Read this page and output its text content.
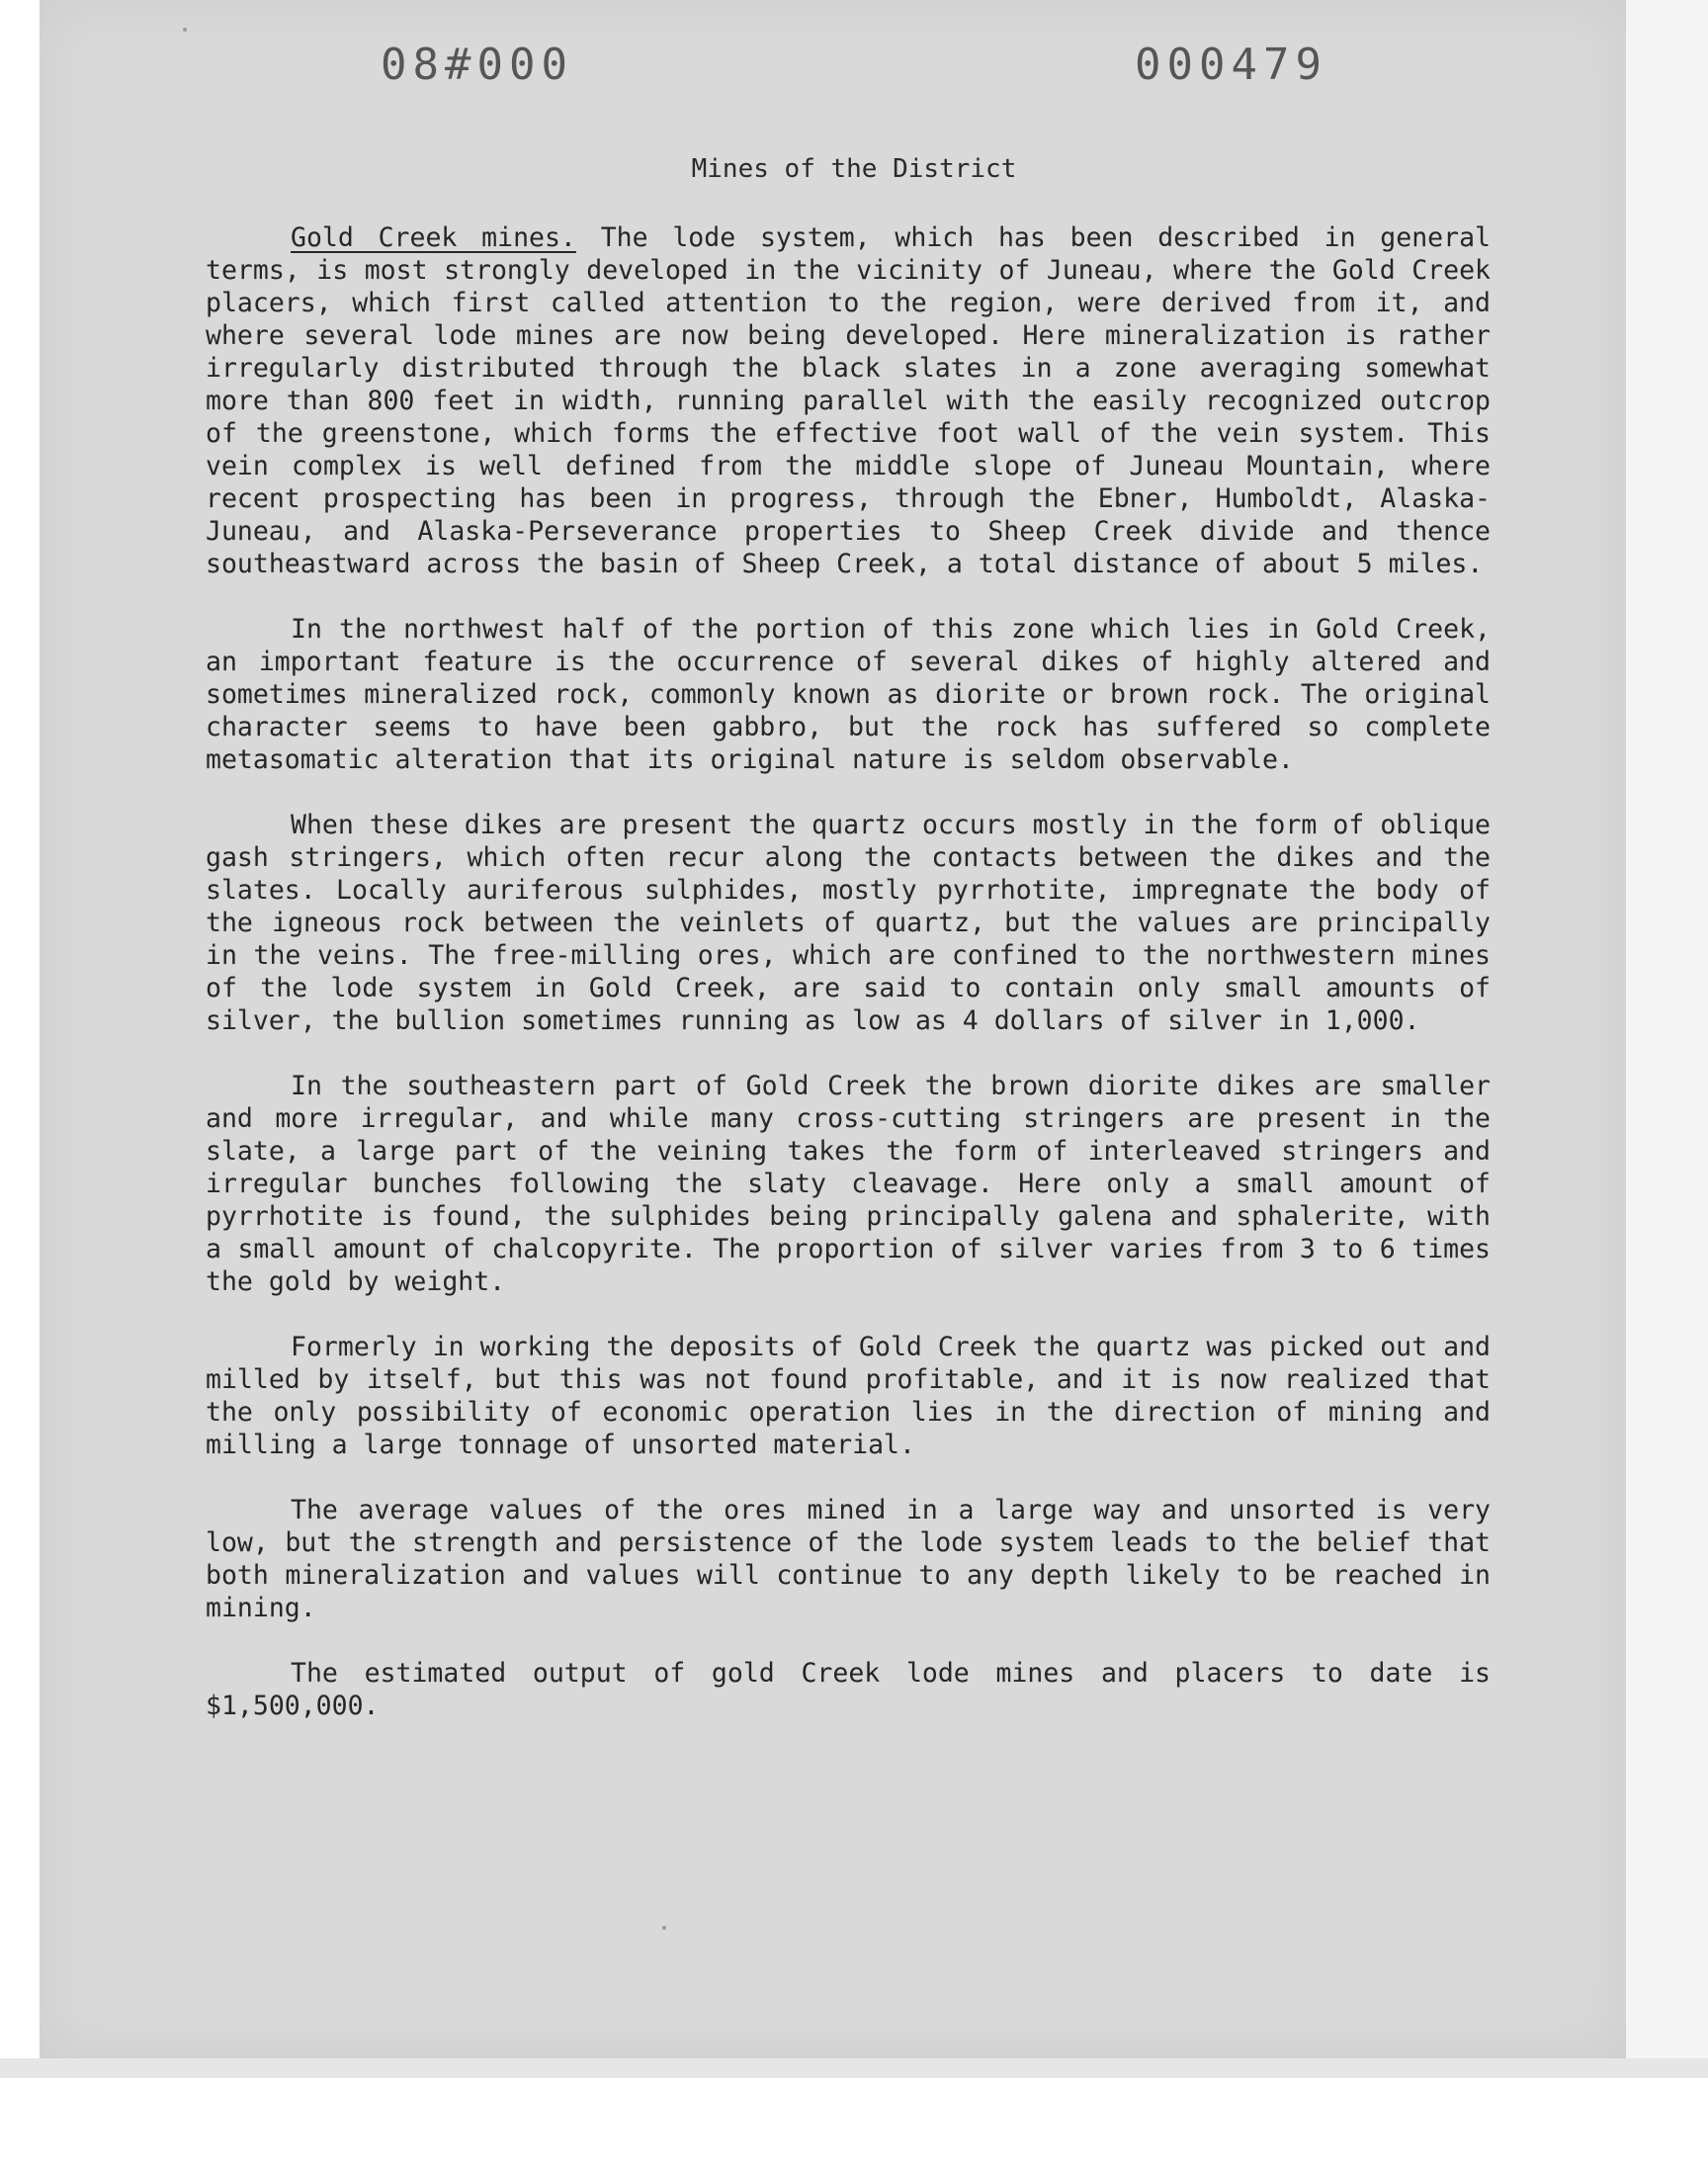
08#000	000479
Mines of the District

Gold Creek mines. The lode system, which has been described in general terms, is most strongly developed in the vicinity of Juneau, where the Gold Creek placers, which first called attention to the region, were derived from it, and where several lode mines are now being developed. Here mineralization is rather irregularly distributed through the black slates in a zone averaging somewhat more than 800 feet in width, running parallel with the easily recognized outcrop of the greenstone, which forms the effective foot wall of the vein system. This vein complex is well defined from the middle slope of Juneau Mountain, where recent prospecting has been in progress, through the Ebner, Humboldt, Alaska-Juneau, and Alaska-Perseverance properties to Sheep Creek divide and thence southeastward across the basin of Sheep Creek, a total distance of about 5 miles.

In the northwest half of the portion of this zone which lies in Gold Creek, an important feature is the occurrence of several dikes of highly altered and sometimes mineralized rock, commonly known as diorite or brown rock. The original character seems to have been gabbro, but the rock has suffered so complete metasomatic alteration that its original nature is seldom observable.

When these dikes are present the quartz occurs mostly in the form of oblique gash stringers, which often recur along the contacts between the dikes and the slates. Locally auriferous sulphides, mostly pyrrhotite, impregnate the body of the igneous rock between the veinlets of quartz, but the values are principally in the veins. The free-milling ores, which are confined to the northwestern mines of the lode system in Gold Creek, are said to contain only small amounts of silver, the bullion sometimes running as low as 4 dollars of silver in 1,000.

In the southeastern part of Gold Creek the brown diorite dikes are smaller and more irregular, and while many cross-cutting stringers are present in the slate, a large part of the veining takes the form of interleaved stringers and irregular bunches following the slaty cleavage. Here only a small amount of pyrrhotite is found, the sulphides being principally galena and sphalerite, with a small amount of chalcopyrite. The proportion of silver varies from 3 to 6 times the gold by weight.

Formerly in working the deposits of Gold Creek the quartz was picked out and milled by itself, but this was not found profitable, and it is now realized that the only possibility of economic operation lies in the direction of mining and milling a large tonnage of unsorted material.

The average values of the ores mined in a large way and unsorted is very low, but the strength and persistence of the lode system leads to the belief that both mineralization and values will continue to any depth likely to be reached in mining.

The estimated output of gold Creek lode mines and placers to date is $1,500,000.
